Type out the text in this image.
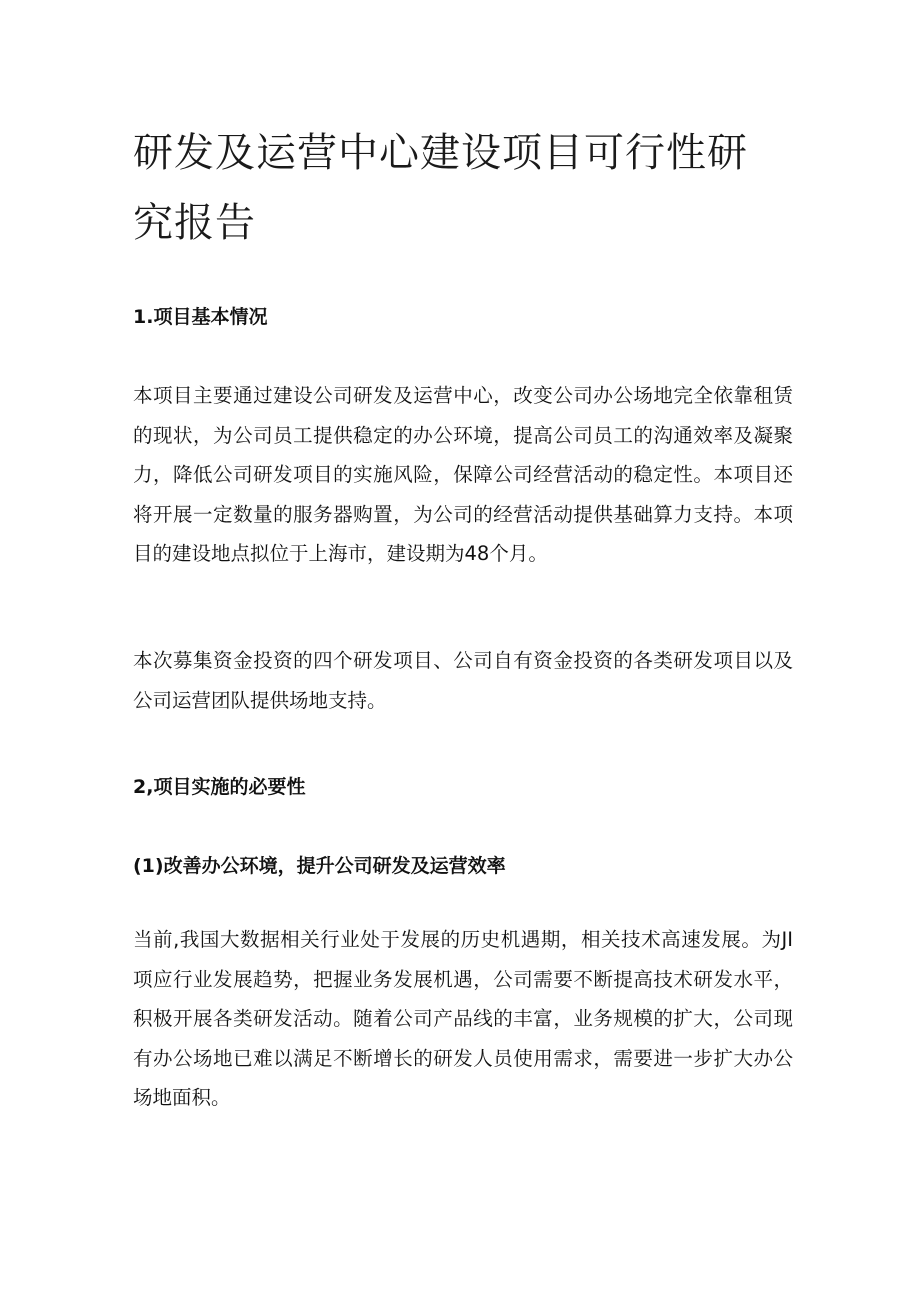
研发及运营中心建设项目可行性研究报告
1.项目基本情况

本项目主要通过建设公司研发及运营中心，改变公司办公场地完全依靠租赁的现状，为公司员工提供稳定的办公环境，提高公司员工的沟通效率及凝聚力，降低公司研发项目的实施风险，保障公司经营活动的稳定性。本项目还将开展一定数量的服务器购置，为公司的经营活动提供基础算力支持。本项目的建设地点拟位于上海市，建设期为48个月。

本次募集资金投资的四个研发项目、公司自有资金投资的各类研发项目以及公司运营团队提供场地支持。

2,项目实施的必要性
(1)改善办公环境，提升公司研发及运营效率

当前,我国大数据相关行业处于发展的历史机遇期，相关技术高速发展。为JI项应行业发展趋势，把握业务发展机遇，公司需要不断提高技术研发水平，积极开展各类研发活动。随着公司产品线的丰富，业务规模的扩大，公司现有办公场地已难以满足不断增长的研发人员使用需求，需要进一步扩大办公场地面积。
